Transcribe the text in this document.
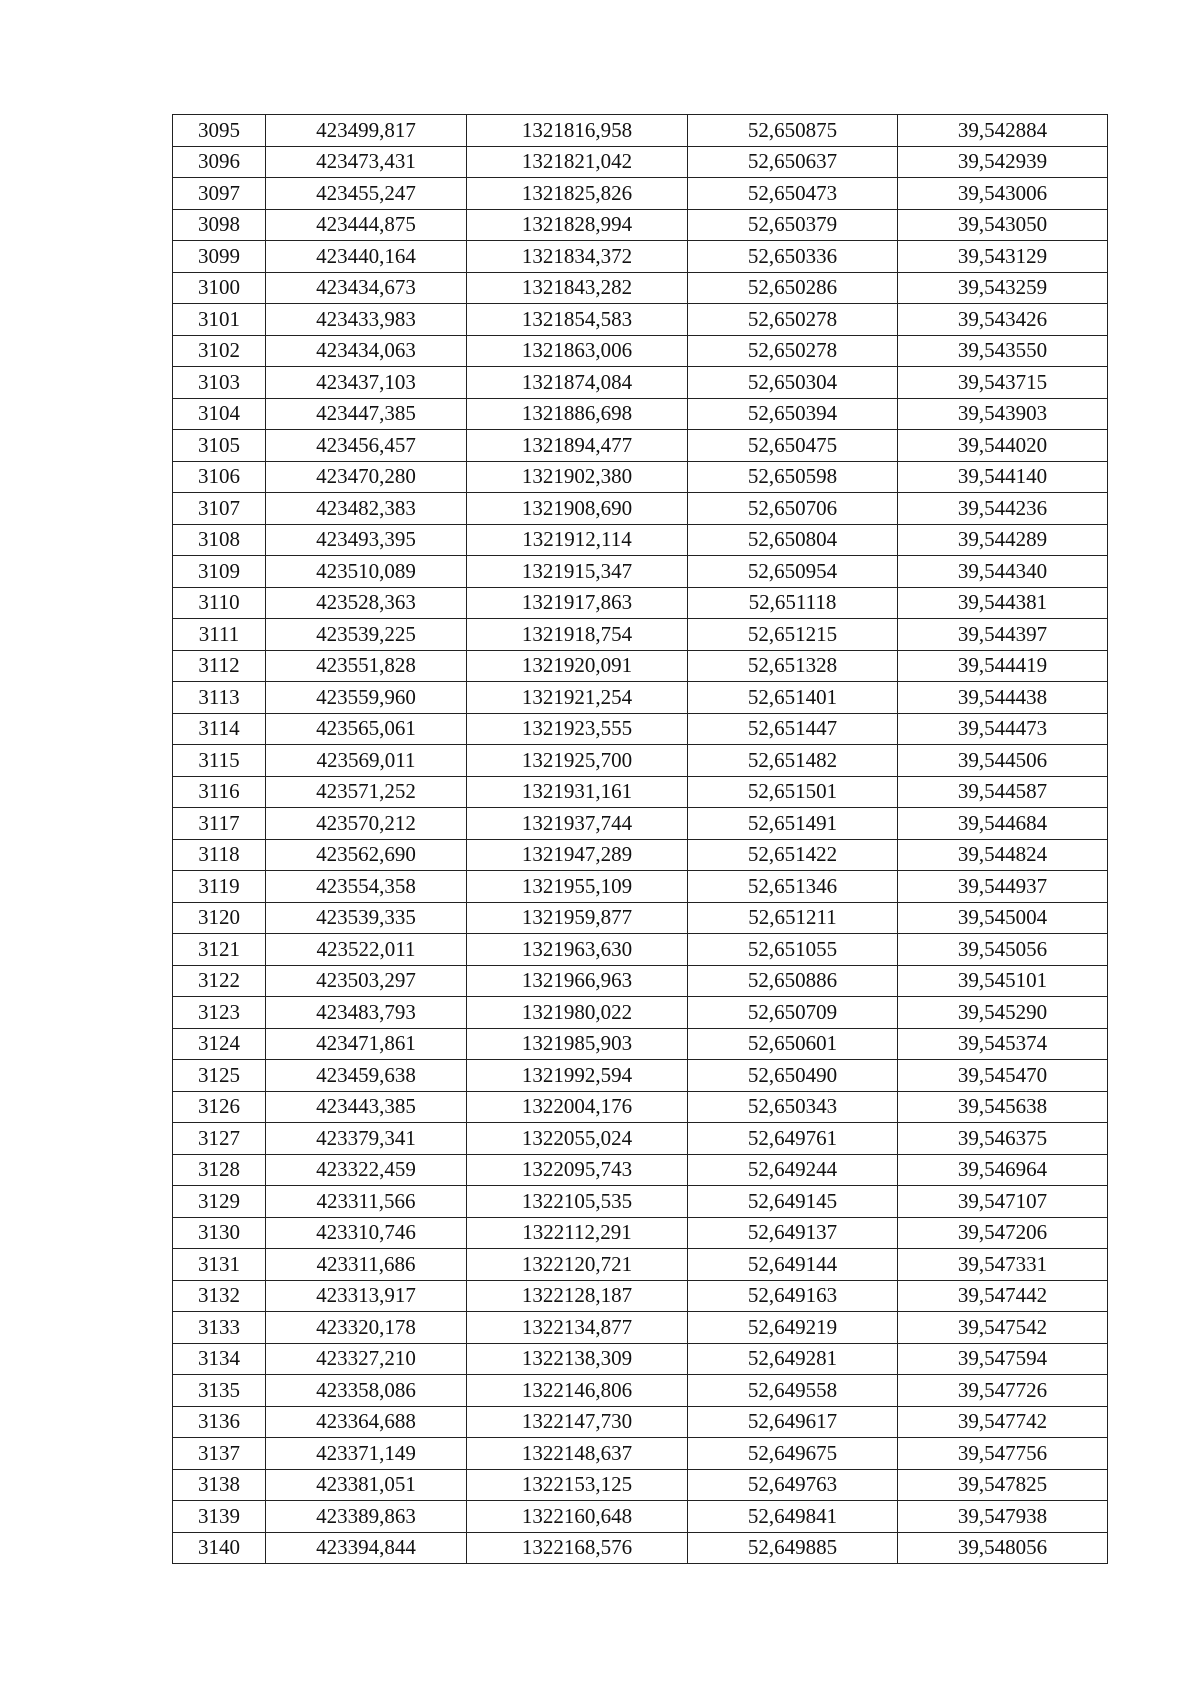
3095	423499,817	1321816,958	52,650875	39,542884
3096	423473,431	1321821,042	52,650637	39,542939
3097	423455,247	1321825,826	52,650473	39,543006
3098	423444,875	1321828,994	52,650379	39,543050
3099	423440,164	1321834,372	52,650336	39,543129
3100	423434,673	1321843,282	52,650286	39,543259
3101	423433,983	1321854,583	52,650278	39,543426
3102	423434,063	1321863,006	52,650278	39,543550
3103	423437,103	1321874,084	52,650304	39,543715
3104	423447,385	1321886,698	52,650394	39,543903
3105	423456,457	1321894,477	52,650475	39,544020
3106	423470,280	1321902,380	52,650598	39,544140
3107	423482,383	1321908,690	52,650706	39,544236
3108	423493,395	1321912,114	52,650804	39,544289
3109	423510,089	1321915,347	52,650954	39,544340
3110	423528,363	1321917,863	52,651118	39,544381
3111	423539,225	1321918,754	52,651215	39,544397
3112	423551,828	1321920,091	52,651328	39,544419
3113	423559,960	1321921,254	52,651401	39,544438
3114	423565,061	1321923,555	52,651447	39,544473
3115	423569,011	1321925,700	52,651482	39,544506
3116	423571,252	1321931,161	52,651501	39,544587
3117	423570,212	1321937,744	52,651491	39,544684
3118	423562,690	1321947,289	52,651422	39,544824
3119	423554,358	1321955,109	52,651346	39,544937
3120	423539,335	1321959,877	52,651211	39,545004
3121	423522,011	1321963,630	52,651055	39,545056
3122	423503,297	1321966,963	52,650886	39,545101
3123	423483,793	1321980,022	52,650709	39,545290
3124	423471,861	1321985,903	52,650601	39,545374
3125	423459,638	1321992,594	52,650490	39,545470
3126	423443,385	1322004,176	52,650343	39,545638
3127	423379,341	1322055,024	52,649761	39,546375
3128	423322,459	1322095,743	52,649244	39,546964
3129	423311,566	1322105,535	52,649145	39,547107
3130	423310,746	1322112,291	52,649137	39,547206
3131	423311,686	1322120,721	52,649144	39,547331
3132	423313,917	1322128,187	52,649163	39,547442
3133	423320,178	1322134,877	52,649219	39,547542
3134	423327,210	1322138,309	52,649281	39,547594
3135	423358,086	1322146,806	52,649558	39,547726
3136	423364,688	1322147,730	52,649617	39,547742
3137	423371,149	1322148,637	52,649675	39,547756
3138	423381,051	1322153,125	52,649763	39,547825
3139	423389,863	1322160,648	52,649841	39,547938
3140	423394,844	1322168,576	52,649885	39,548056
